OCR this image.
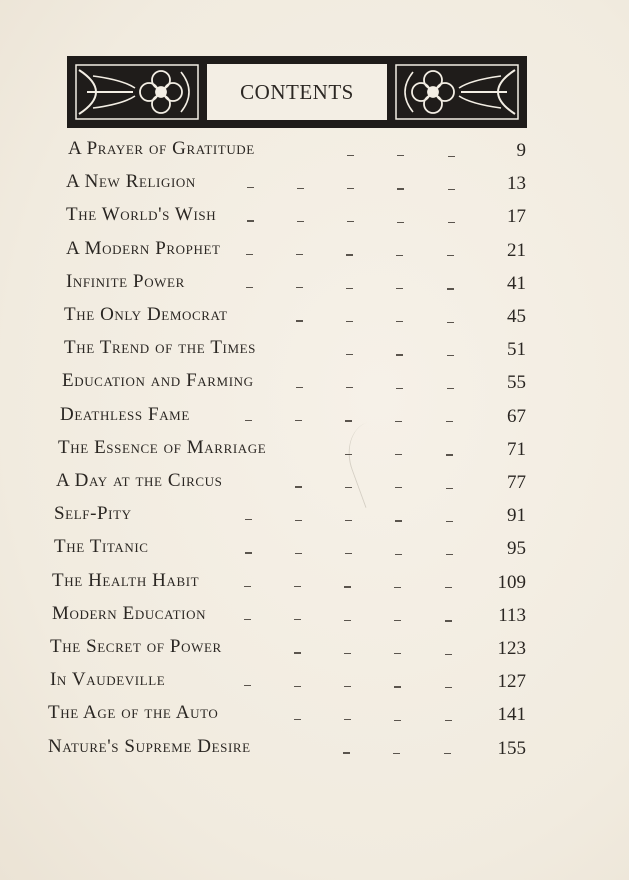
CONTENTS
A Prayer of Gratitude	9
A New Religion	13
The World's Wish	17
A Modern Prophet	21
Infinite Power	41
The Only Democrat	45
The Trend of the Times	51
Education and Farming	55
Deathless Fame	67
The Essence of Marriage	71
A Day at the Circus	77
Self-Pity	91
The Titanic	95
The Health Habit	109
Modern Education	113
The Secret of Power	123
In Vaudeville	127
The Age of the Auto	141
Nature's Supreme Desire	155
